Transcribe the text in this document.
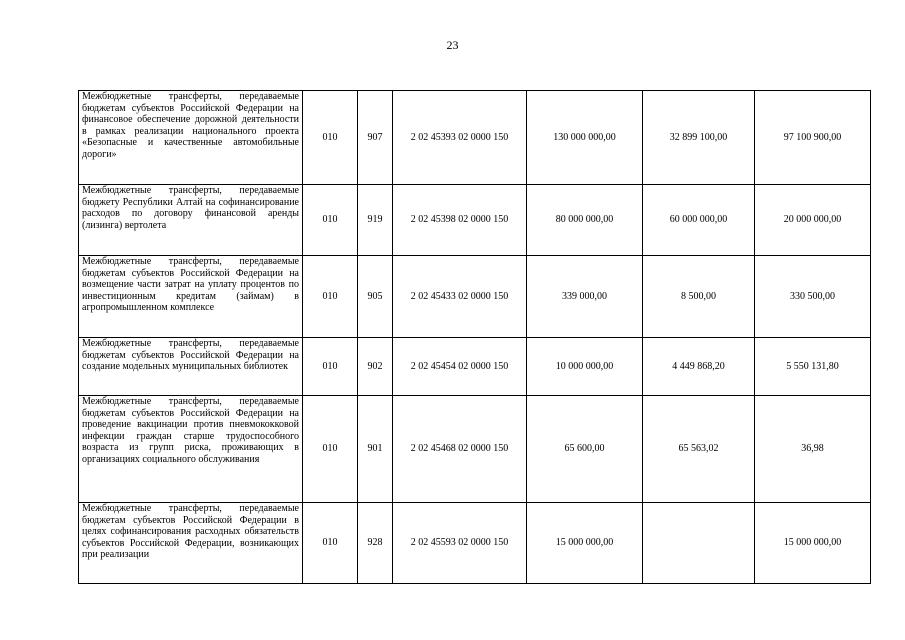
23
Межбюджетные трансферты, передаваемые бюджетам субъектов Российской Федерации на финансовое обеспечение дорожной деятельности в рамках реализации национального проекта «Безопасные и качественные автомобильные дороги»	010	907	2 02 45393 02 0000 150	130 000 000,00	32 899 100,00	97 100 900,00

Межбюджетные трансферты, передаваемые бюджету Республики Алтай на софинансирование расходов по договору финансовой аренды (лизинга) вертолета	010	919	2 02 45398 02 0000 150	80 000 000,00	60 000 000,00	20 000 000,00

Межбюджетные трансферты, передаваемые бюджетам субъектов Российской Федерации на возмещение части затрат на уплату процентов по инвестиционным кредитам (займам) в агропромышленном комплексе	010	905	2 02 45433 02 0000 150	339 000,00	8 500,00	330 500,00

Межбюджетные трансферты, передаваемые бюджетам субъектов Российской Федерации на создание модельных муниципальных библиотек	010	902	2 02 45454 02 0000 150	10 000 000,00	4 449 868,20	5 550 131,80

Межбюджетные трансферты, передаваемые бюджетам субъектов Российской Федерации на проведение вакцинации против пневмококковой инфекции граждан старше трудоспособного возраста из групп риска, проживающих в организациях социального обслуживания	010	901	2 02 45468 02 0000 150	65 600,00	65 563,02	36,98

Межбюджетные трансферты, передаваемые бюджетам субъектов Российской Федерации в целях софинансирования расходных обязательств субъектов Российской Федерации, возникающих при реализации	010	928	2 02 45593 02 0000 150	15 000 000,00		15 000 000,00
